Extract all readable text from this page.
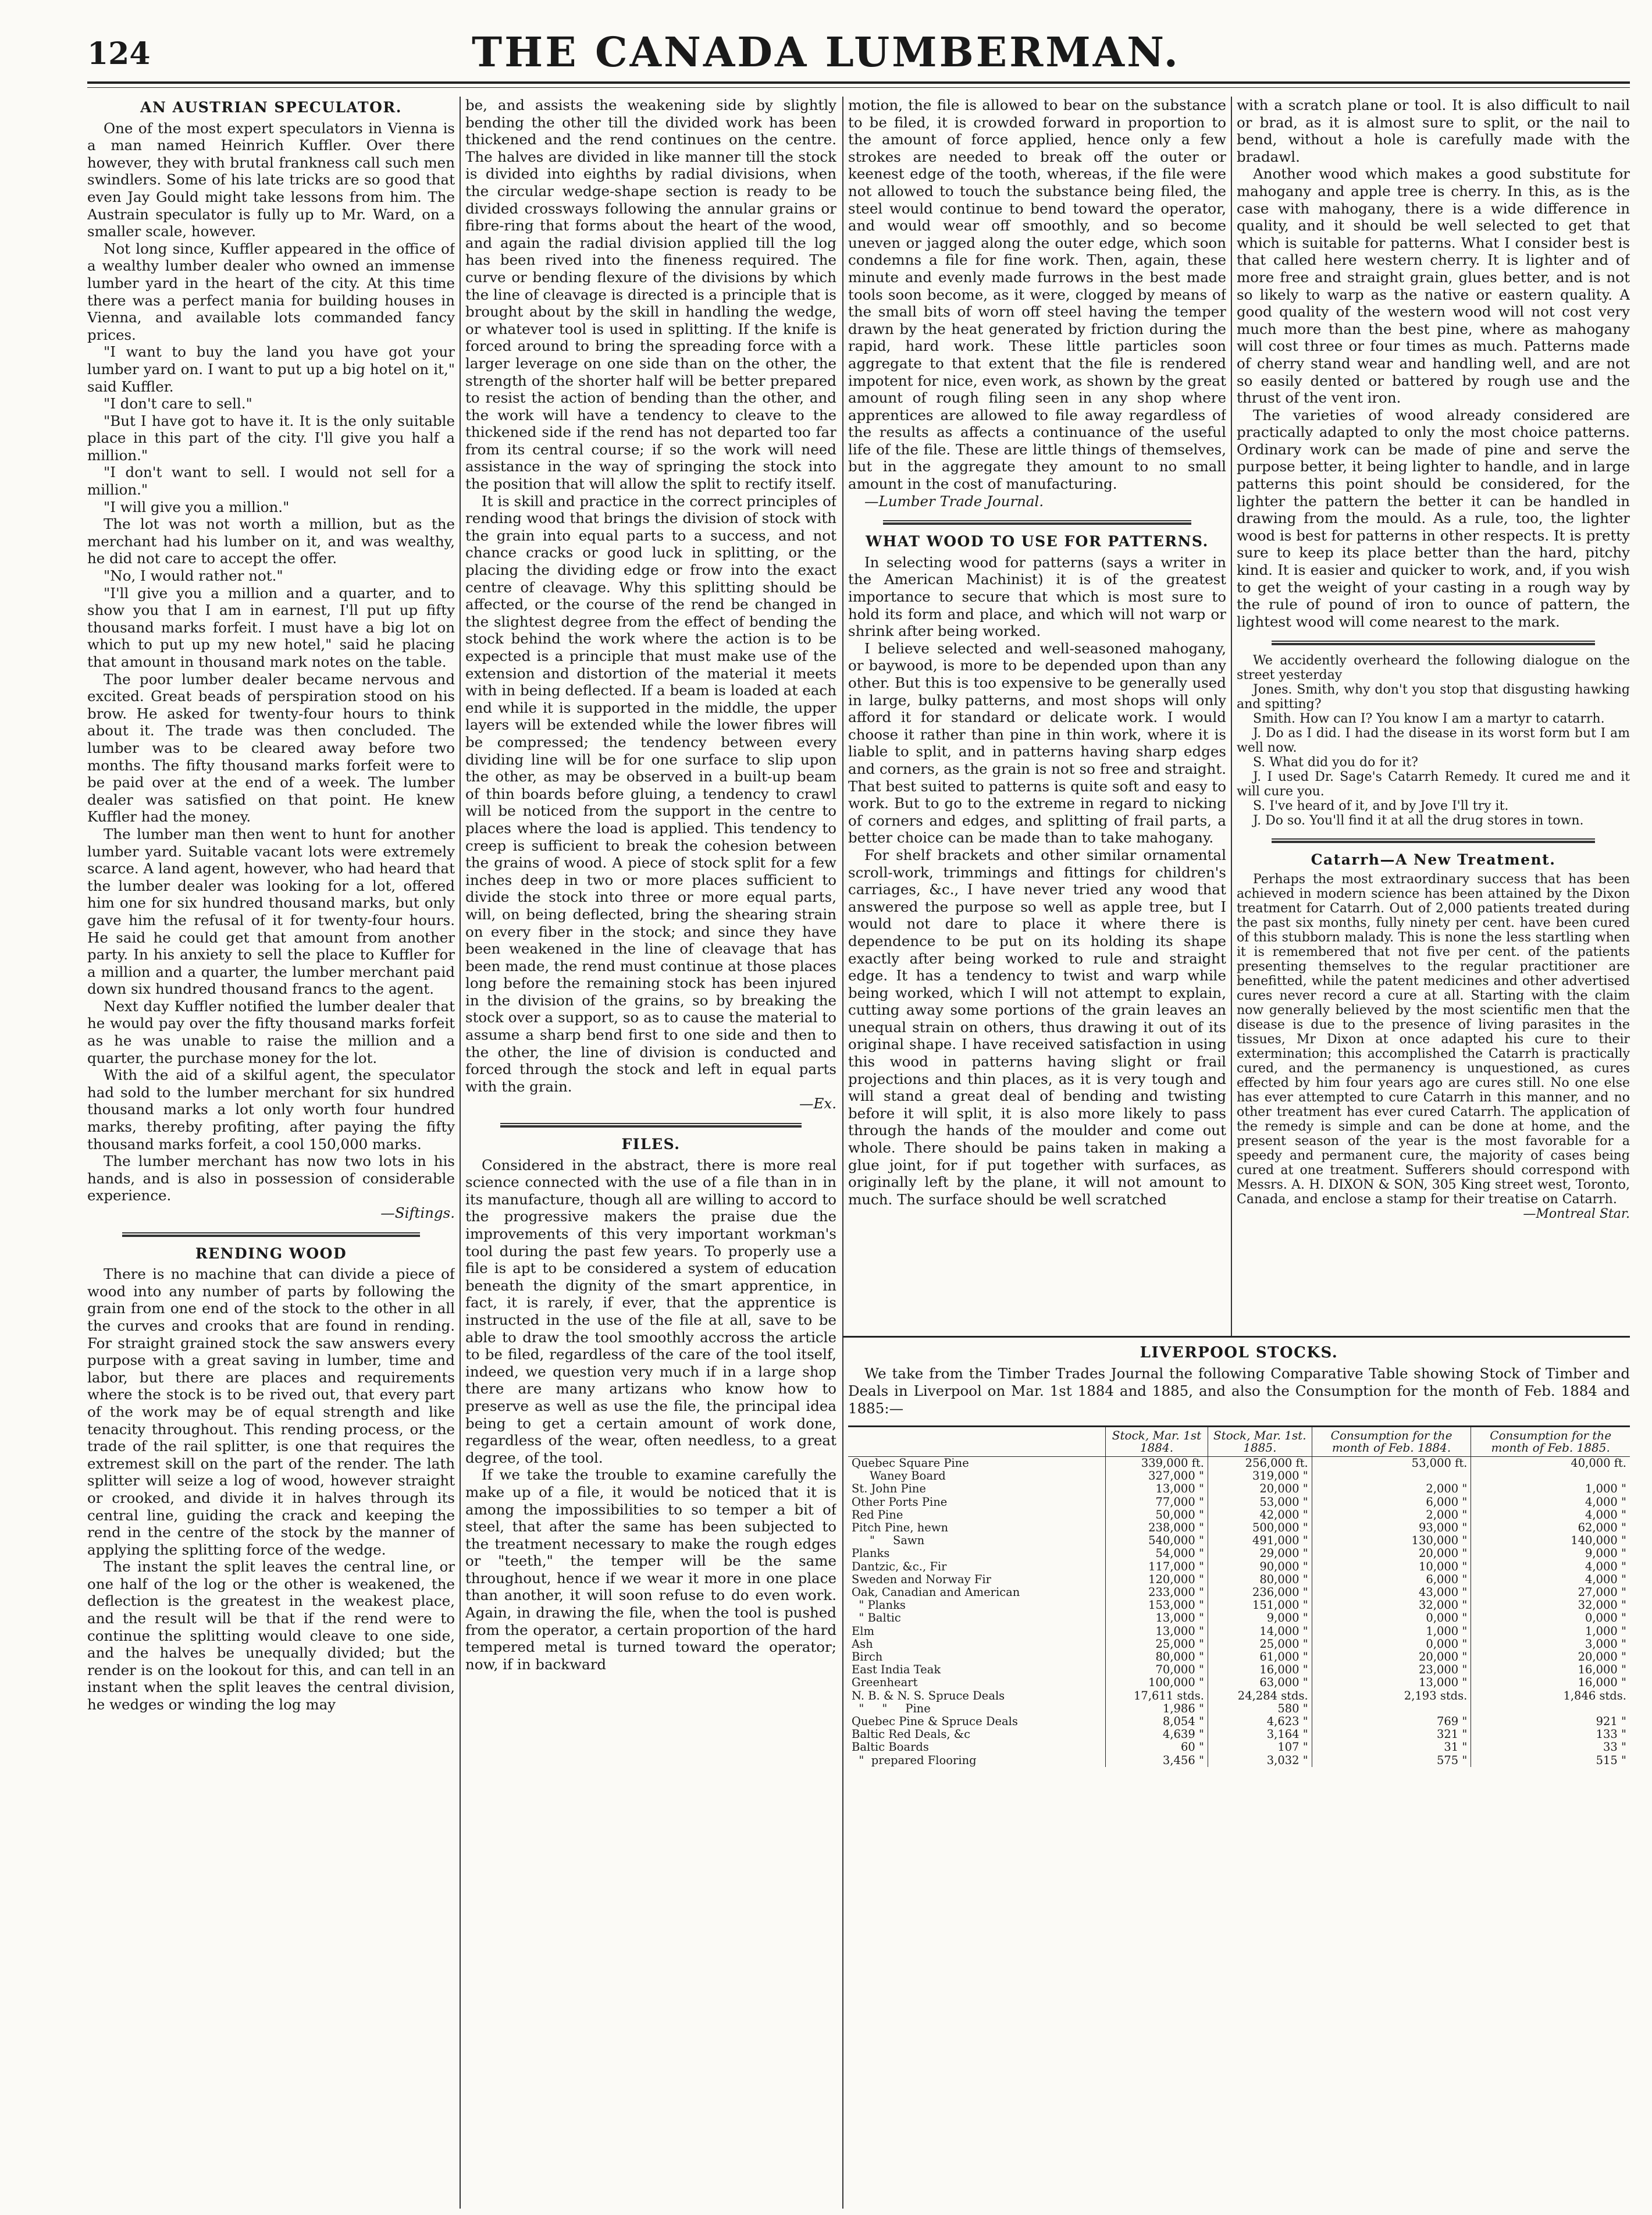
124	THE CANADA LUMBERMAN.
AN AUSTRIAN SPECULATOR.

One of the most expert speculators in Vienna is a man named Heinrich Kuffler. Over there however, they with brutal frankness call such men swindlers. Some of his late tricks are so good that even Jay Gould might take lessons from him. The Austrain speculator is fully up to Mr. Ward, on a smaller scale, however.

Not long since, Kuffler appeared in the office of a wealthy lumber dealer who owned an immense lumber yard in the heart of the city. At this time there was a perfect mania for building houses in Vienna, and available lots commanded fancy prices.

"I want to buy the land you have got your lumber yard on. I want to put up a big hotel on it," said Kuffler.

"I don't care to sell."

"But I have got to have it. It is the only suitable place in this part of the city. I'll give you half a million."

"I don't want to sell. I would not sell for a million."

"I will give you a million."

The lot was not worth a million, but as the merchant had his lumber on it, and was wealthy, he did not care to accept the offer.

"No, I would rather not."

"I'll give you a million and a quarter, and to show you that I am in earnest, I'll put up fifty thousand marks forfeit. I must have a big lot on which to put up my new hotel," said he placing that amount in thousand mark notes on the table.

The poor lumber dealer became nervous and excited. Great beads of perspiration stood on his brow. He asked for twenty-four hours to think about it. The trade was then concluded. The lumber was to be cleared away before two months. The fifty thousand marks forfeit were to be paid over at the end of a week. The lumber dealer was satisfied on that point. He knew Kuffler had the money.

The lumber man then went to hunt for another lumber yard. Suitable vacant lots were extremely scarce. A land agent, however, who had heard that the lumber dealer was looking for a lot, offered him one for six hundred thousand marks, but only gave him the refusal of it for twenty-four hours. He said he could get that amount from another party. In his anxiety to sell the place to Kuffler for a million and a quarter, the lumber merchant paid down six hundred thousand francs to the agent.

Next day Kuffler notified the lumber dealer that he would pay over the fifty thousand marks forfeit as he was unable to raise the million and a quarter, the purchase money for the lot.

With the aid of a skilful agent, the speculator had sold to the lumber merchant for six hundred thousand marks a lot only worth four hundred marks, thereby profiting, after paying the fifty thousand marks forfeit, a cool 150,000 marks.

The lumber merchant has now two lots in his hands, and is also in possession of considerable experience.

—Siftings.

RENDING WOOD

There is no machine that can divide a piece of wood into any number of parts by following the grain from one end of the stock to the other in all the curves and crooks that are found in rending. For straight grained stock the saw answers every purpose with a great saving in lumber, time and labor, but there are places and requirements where the stock is to be rived out, that every part of the work may be of equal strength and like tenacity throughout. This rending process, or the trade of the rail splitter, is one that requires the extremest skill on the part of the render. The lath splitter will seize a log of wood, however straight or crooked, and divide it in halves through its central line, guiding the crack and keeping the rend in the centre of the stock by the manner of applying the splitting force of the wedge.

The instant the split leaves the central line, or one half of the log or the other is weakened, the deflection is the greatest in the weakest place, and the result will be that if the rend were to continue the splitting would cleave to one side, and the halves be unequally divided; but the render is on the lookout for this, and can tell in an instant when the split leaves the central division, he wedges or winding the log may

be, and assists the weakening side by slightly bending the other till the divided work has been thickened and the rend continues on the centre. The halves are divided in like manner till the stock is divided into eighths by radial divisions, when the circular wedge-shape section is ready to be divided crossways following the annular grains or fibre-ring that forms about the heart of the wood, and again the radial division applied till the log has been rived into the fineness required. The curve or bending flexure of the divisions by which the line of cleavage is directed is a principle that is brought about by the skill in handling the wedge, or whatever tool is used in splitting. If the knife is forced around to bring the spreading force with a larger leverage on one side than on the other, the strength of the shorter half will be better prepared to resist the action of bending than the other, and the work will have a tendency to cleave to the thickened side if the rend has not departed too far from its central course; if so the work will need assistance in the way of springing the stock into the position that will allow the split to rectify itself.

It is skill and practice in the correct principles of rending wood that brings the division of stock with the grain into equal parts to a success, and not chance cracks or good luck in splitting, or the placing the dividing edge or frow into the exact centre of cleavage. Why this splitting should be affected, or the course of the rend be changed in the slightest degree from the effect of bending the stock behind the work where the action is to be expected is a principle that must make use of the extension and distortion of the material it meets with in being deflected. If a beam is loaded at each end while it is supported in the middle, the upper layers will be extended while the lower fibres will be compressed; the tendency between every dividing line will be for one surface to slip upon the other, as may be observed in a built-up beam of thin boards before gluing, a tendency to crawl will be noticed from the support in the centre to places where the load is applied. This tendency to creep is sufficient to break the cohesion between the grains of wood. A piece of stock split for a few inches deep in two or more places sufficient to divide the stock into three or more equal parts, will, on being deflected, bring the shearing strain on every fiber in the stock; and since they have been weakened in the line of cleavage that has been made, the rend must continue at those places long before the remaining stock has been injured in the division of the grains, so by breaking the stock over a support, so as to cause the material to assume a sharp bend first to one side and then to the other, the line of division is conducted and forced through the stock and left in equal parts with the grain.

—Ex.

FILES.

Considered in the abstract, there is more real science connected with the use of a file than in in its manufacture, though all are willing to accord to the progressive makers the praise due the improvements of this very important workman's tool during the past few years. To properly use a file is apt to be considered a system of education beneath the dignity of the smart apprentice, in fact, it is rarely, if ever, that the apprentice is instructed in the use of the file at all, save to be able to draw the tool smoothly accross the article to be filed, regardless of the care of the tool itself, indeed, we question very much if in a large shop there are many artizans who know how to preserve as well as use the file, the principal idea being to get a certain amount of work done, regardless of the wear, often needless, to a great degree, of the tool.

If we take the trouble to examine carefully the make up of a file, it would be noticed that it is among the impossibilities to so temper a bit of steel, that after the same has been subjected to the treatment necessary to make the rough edges or "teeth," the temper will be the same throughout, hence if we wear it more in one place than another, it will soon refuse to do even work. Again, in drawing the file, when the tool is pushed from the operator, a certain proportion of the hard tempered metal is turned toward the operator; now, if in backward

motion, the file is allowed to bear on the substance to be filed, it is crowded forward in proportion to the amount of force applied, hence only a few strokes are needed to break off the outer or keenest edge of the tooth, whereas, if the file were not allowed to touch the substance being filed, the steel would continue to bend toward the operator, and would wear off smoothly, and so become uneven or jagged along the outer edge, which soon condemns a file for fine work. Then, again, these minute and evenly made furrows in the best made tools soon become, as it were, clogged by means of the small bits of worn off steel having the temper drawn by the heat generated by friction during the rapid, hard work. These little particles soon aggregate to that extent that the file is rendered impotent for nice, even work, as shown by the great amount of rough filing seen in any shop where apprentices are allowed to file away regardless of the results as affects a continuance of the useful life of the file. These are little things of themselves, but in the aggregate they amount to no small amount in the cost of manufacturing.

—Lumber Trade Journal.

WHAT WOOD TO USE FOR PATTERNS.

In selecting wood for patterns (says a writer in the American Machinist) it is of the greatest importance to secure that which is most sure to hold its form and place, and which will not warp or shrink after being worked.

I believe selected and well-seasoned mahogany, or baywood, is more to be depended upon than any other. But this is too expensive to be generally used in large, bulky patterns, and most shops will only afford it for standard or delicate work. I would choose it rather than pine in thin work, where it is liable to split, and in patterns having sharp edges and corners, as the grain is not so free and straight. That best suited to patterns is quite soft and easy to work. But to go to the extreme in regard to nicking of corners and edges, and splitting of frail parts, a better choice can be made than to take mahogany.

For shelf brackets and other similar ornamental scroll-work, trimmings and fittings for children's carriages, &c., I have never tried any wood that answered the purpose so well as apple tree, but I would not dare to place it where there is dependence to be put on its holding its shape exactly after being worked to rule and straight edge. It has a tendency to twist and warp while being worked, which I will not attempt to explain, cutting away some portions of the grain leaves an unequal strain on others, thus drawing it out of its original shape. I have received satisfaction in using this wood in patterns having slight or frail projections and thin places, as it is very tough and will stand a great deal of bending and twisting before it will split, it is also more likely to pass through the hands of the moulder and come out whole. There should be pains taken in making a glue joint, for if put together with surfaces, as originally left by the plane, it will not amount to much. The surface should be well scratched

with a scratch plane or tool. It is also difficult to nail or brad, as it is almost sure to split, or the nail to bend, without a hole is carefully made with the bradawl.

Another wood which makes a good substitute for mahogany and apple tree is cherry. In this, as is the case with mahogany, there is a wide difference in quality, and it should be well selected to get that which is suitable for patterns. What I consider best is that called here western cherry. It is lighter and of more free and straight grain, glues better, and is not so likely to warp as the native or eastern quality. A good quality of the western wood will not cost very much more than the best pine, where as mahogany will cost three or four times as much. Patterns made of cherry stand wear and handling well, and are not so easily dented or battered by rough use and the thrust of the vent iron.

The varieties of wood already considered are practically adapted to only the most choice patterns. Ordinary work can be made of pine and serve the purpose better, it being lighter to handle, and in large patterns this point should be considered, for the lighter the pattern the better it can be handled in drawing from the mould. As a rule, too, the lighter wood is best for patterns in other respects. It is pretty sure to keep its place better than the hard, pitchy kind. It is easier and quicker to work, and, if you wish to get the weight of your casting in a rough way by the rule of pound of iron to ounce of pattern, the lightest wood will come nearest to the mark.

We accidently overheard the following dialogue on the street yesterday

Jones. Smith, why don't you stop that disgusting hawking and spitting?

Smith. How can I? You know I am a martyr to catarrh.

J. Do as I did. I had the disease in its worst form but I am well now.

S. What did you do for it?

J. I used Dr. Sage's Catarrh Remedy. It cured me and it will cure you.

S. I've heard of it, and by Jove I'll try it.

J. Do so. You'll find it at all the drug stores in town.

Catarrh—A New Treatment.

Perhaps the most extraordinary success that has been achieved in modern science has been attained by the Dixon treatment for Catarrh. Out of 2,000 patients treated during the past six months, fully ninety per cent. have been cured of this stubborn malady. This is none the less startling when it is remembered that not five per cent. of the patients presenting themselves to the regular practitioner are benefitted, while the patent medicines and other advertised cures never record a cure at all. Starting with the claim now generally believed by the most scientific men that the disease is due to the presence of living parasites in the tissues, Mr Dixon at once adapted his cure to their extermination; this accomplished the Catarrh is practically cured, and the permanency is unquestioned, as cures effected by him four years ago are cures still. No one else has ever attempted to cure Catarrh in this manner, and no other treatment has ever cured Catarrh. The application of the remedy is simple and can be done at home, and the present season of the year is the most favorable for a speedy and permanent cure, the majority of cases being cured at one treatment. Sufferers should correspond with Messrs. A. H. DIXON & SON, 305 King street west, Toronto, Canada, and enclose a stamp for their treatise on Catarrh.

—Montreal Star.

LIVERPOOL STOCKS.
We take from the Timber Trades Journal the following Comparative Table showing Stock of Timber and Deals in Liverpool on Mar. 1st 1884 and 1885, and also the Consumption for the month of Feb. 1884 and 1885:—
	Stock, Mar. 1st 1884.	Stock, Mar. 1st. 1885.	Consumption for the month of Feb. 1884.	Consumption for the month of Feb. 1885.
Quebec Square Pine	339,000 ft.	256,000 ft.	53,000 ft.	40,000 ft.
Waney Board	327,000 "	319,000 "		
St. John Pine	13,000 "	20,000 "	2,000 "	1,000 "
Other Ports Pine	77,000 "	53,000 "	6,000 "	4,000 "
Red Pine	50,000 "	42,000 "	2,000 "	4,000 "
Pitch Pine, hewn	238,000 "	500,000 "	93,000 "	62,000 "
"     Sawn	540,000 "	491,000 "	130,000 "	140,000 "
Planks	54,000 "	29,000 "	20,000 "	9,000 "
Dantzic, &c., Fir	117,000 "	90,000 "	10,000 "	4,000 "
Sweden and Norway Fir	120,000 "	80,000 "	6,000 "	4,000 "
Oak, Canadian and American	233,000 "	236,000 "	43,000 "	27,000 "
" Planks	153,000 "	151,000 "	32,000 "	32,000 "
" Baltic	13,000 "	9,000 "	0,000 "	0,000 "
Elm	13,000 "	14,000 "	1,000 "	1,000 "
Ash	25,000 "	25,000 "	0,000 "	3,000 "
Birch	80,000 "	61,000 "	20,000 "	20,000 "
East India Teak	70,000 "	16,000 "	23,000 "	16,000 "
Greenheart	100,000 "	63,000 "	13,000 "	16,000 "
N. B. & N. S. Spruce Deals	17,611 stds.	24,284 stds.	2,193 stds.	1,846 stds.
"     "     Pine	1,986 "	580 "		
Quebec Pine & Spruce Deals	8,054 "	4,623 "	769 "	921 "
Baltic Red Deals, &c	4,639 "	3,164 "	321 "	133 "
Baltic Boards	60 "	107 "	31 "	33 "
"  prepared Flooring	3,456 "	3,032 "	575 "	515 "
